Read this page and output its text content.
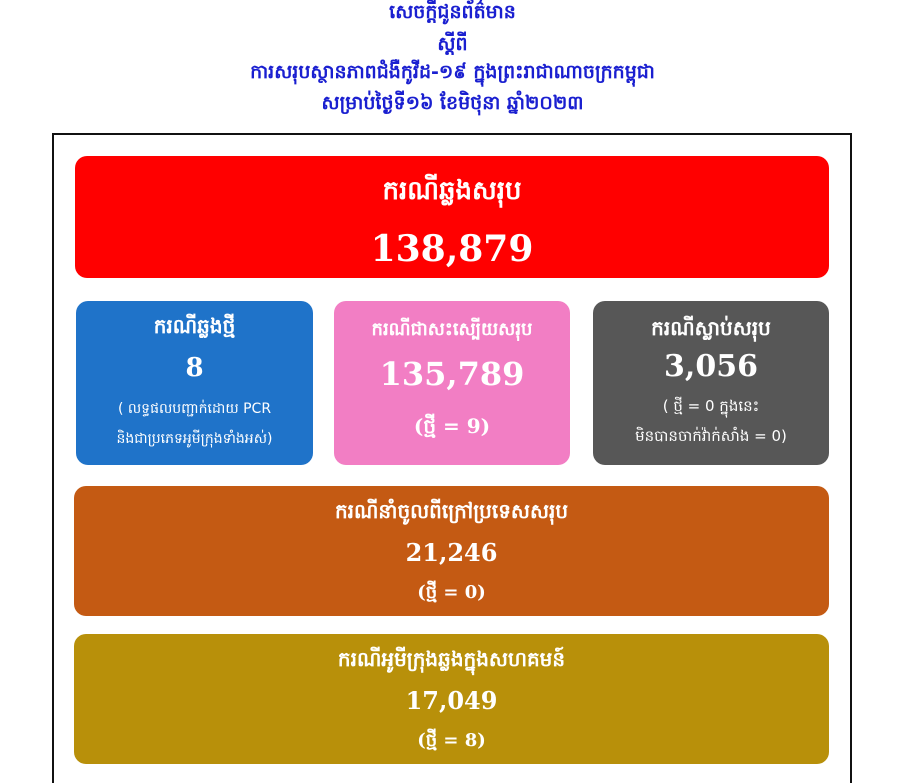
សេចក្តីជូនព័ត៌មាន
ស្តីពី
ការសរុបស្ថានភាពជំងឺកូវីដ-១៩ ក្នុងព្រះរាជាណាចក្រកម្ពុជា
សម្រាប់ថ្ងៃទី១៦ ខែមិថុនា ឆ្នាំ២០២៣
ករណីឆ្លងសរុប
138,879
ករណីឆ្លងថ្មី
8
( លទ្ធផលបញ្ជាក់ដោយ PCR
និងជាប្រភេទអូមីក្រុងទាំងអស់)
ករណីជាសះស្បើយសរុប
135,789
(ថ្មី = 9)
ករណីស្លាប់សរុប
3,056
( ថ្មី = 0 ក្នុងនេះ
មិនបានចាក់វ៉ាក់សាំង = 0)
ករណីនាំចូលពីក្រៅប្រទេសសរុប
21,246
(ថ្មី = 0)
ករណីអូមីក្រុងឆ្លងក្នុងសហគមន៍
17,049
(ថ្មី = 8)
